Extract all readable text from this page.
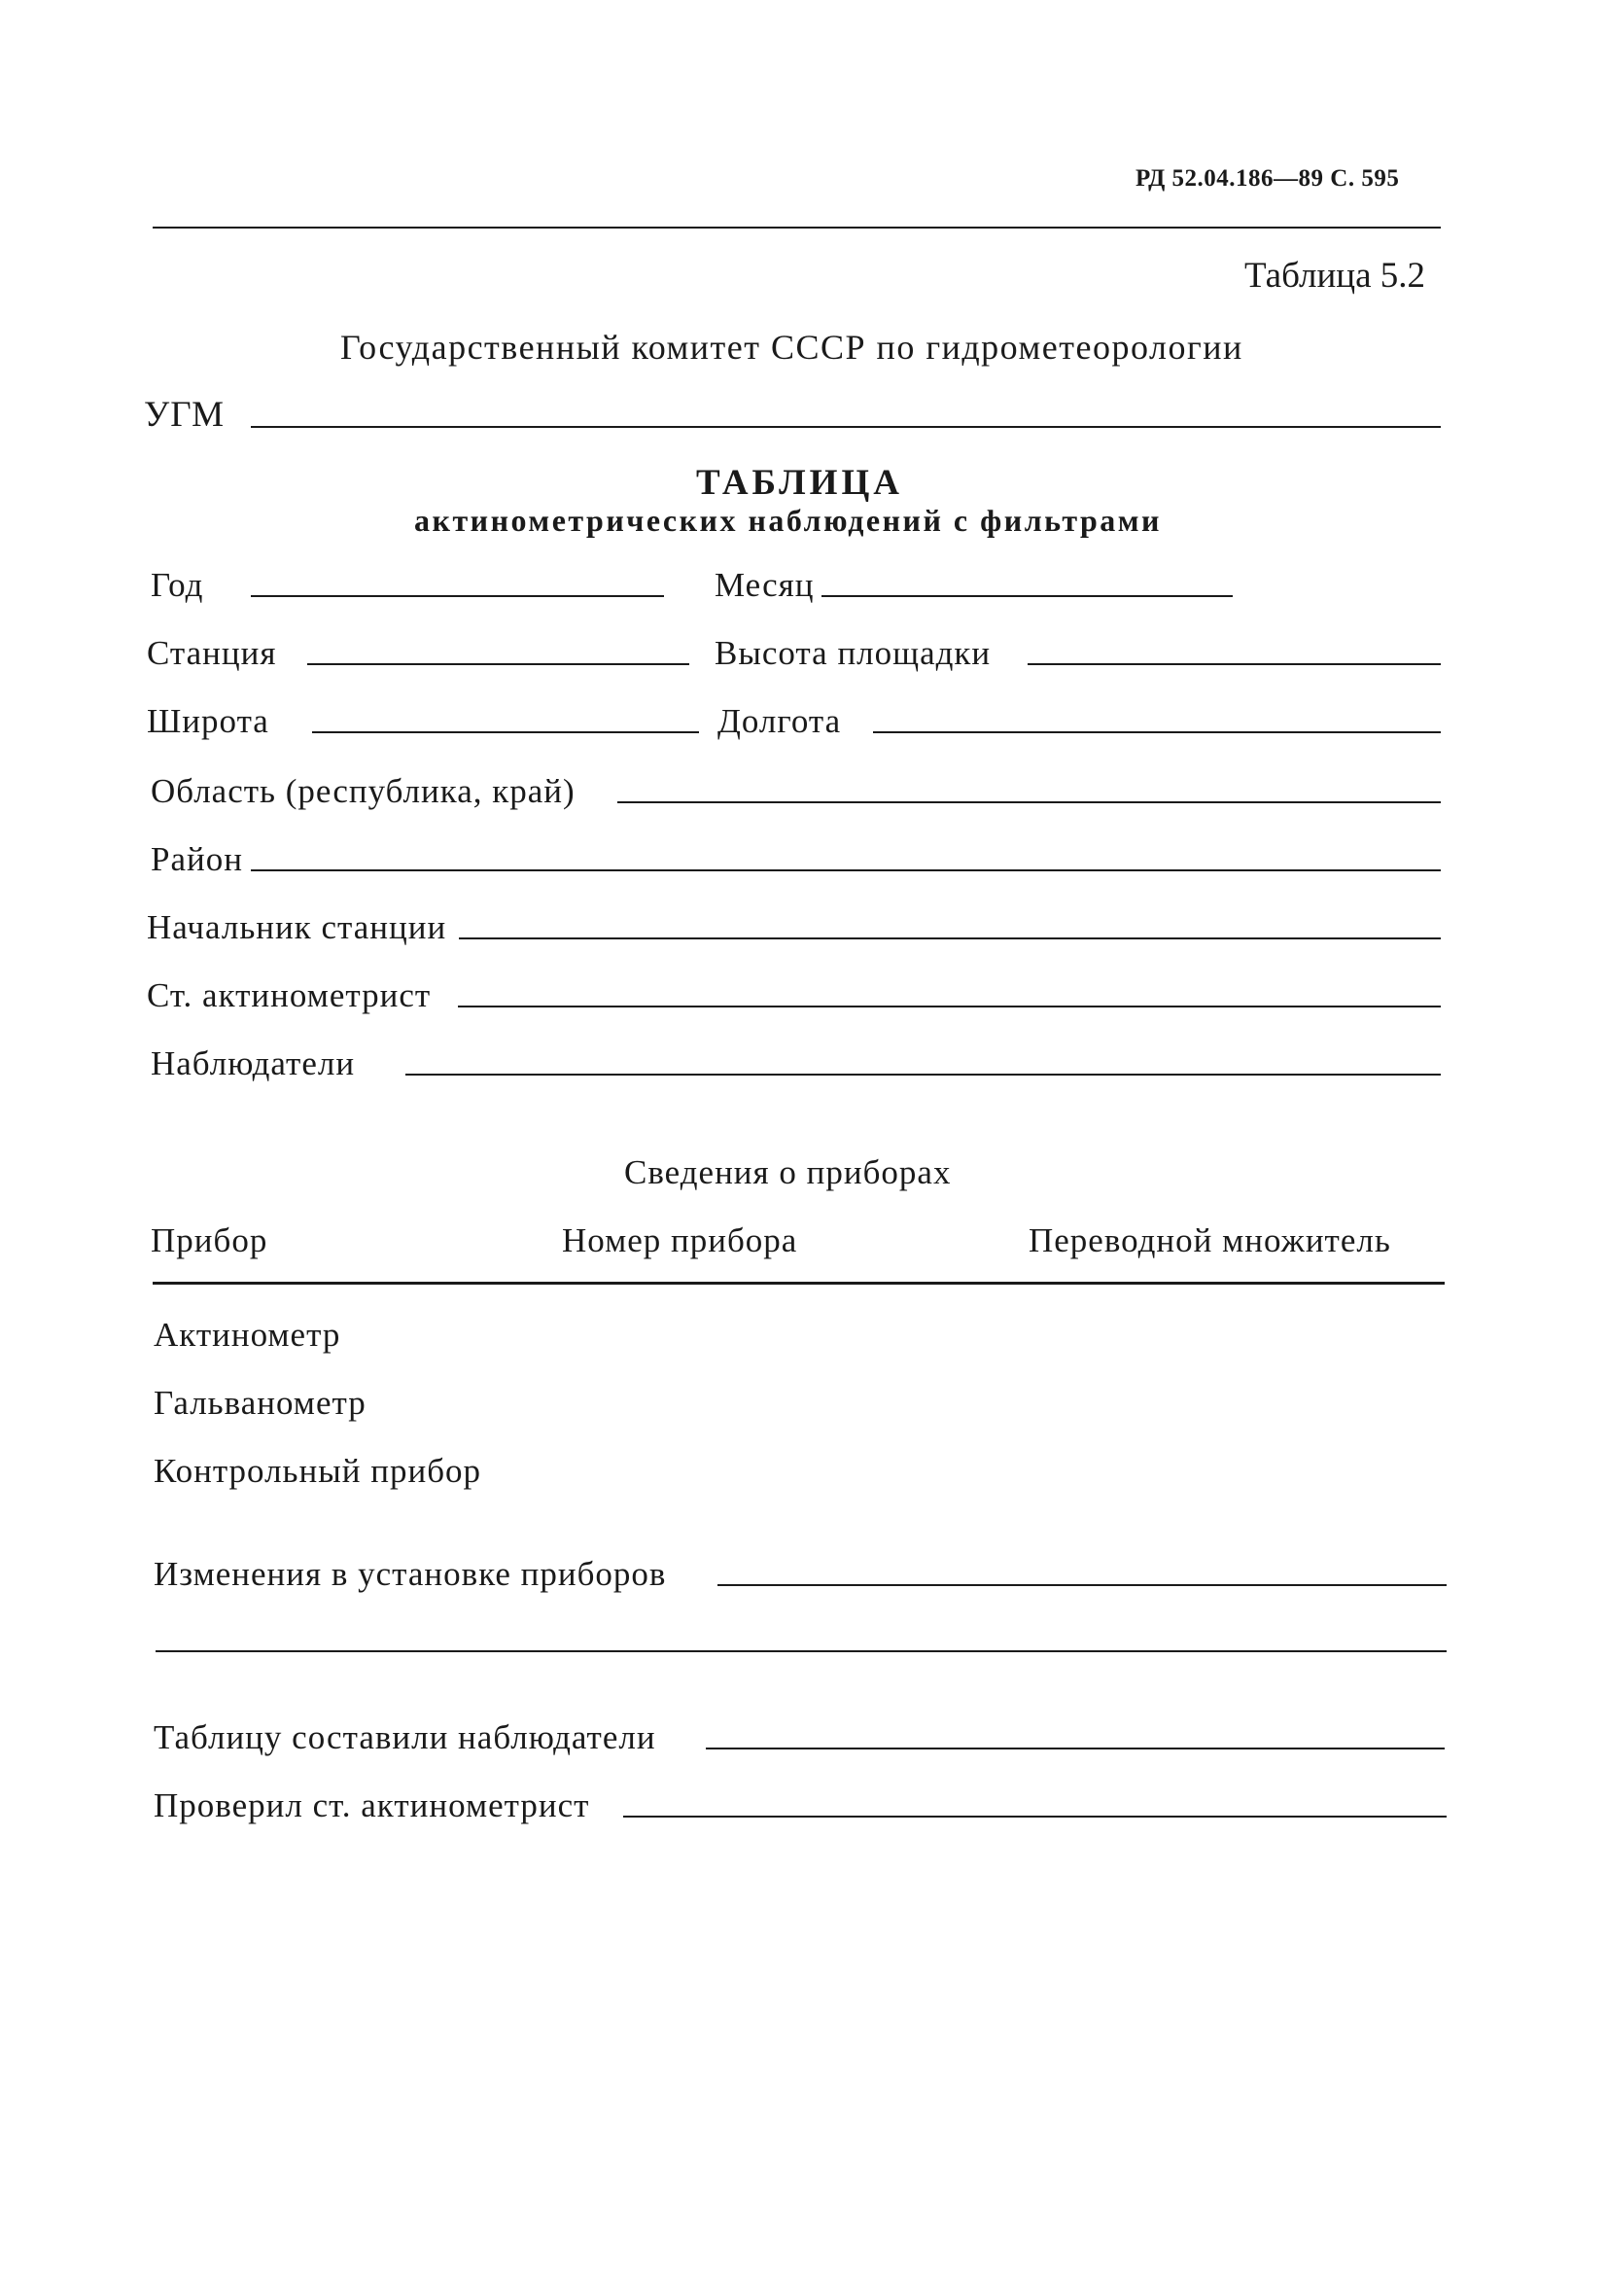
РД 52.04.186—89 С. 595
Таблица 5.2
Государственный комитет СССР по гидрометеорологии
УГМ
ТАБЛИЦА
актинометрических наблюдений с фильтрами
Год	Месяц
Станция	Высота площадки
Широта	Долгота
Область (республика, край)
Район
Начальник станции
Ст. актинометрист
Наблюдатели
Сведения о приборах
Прибор	Номер прибора	Переводной множитель
Актинометр
Гальванометр
Контрольный прибор
Изменения в установке приборов
Таблицу составили наблюдатели
Проверил ст. актинометрист
